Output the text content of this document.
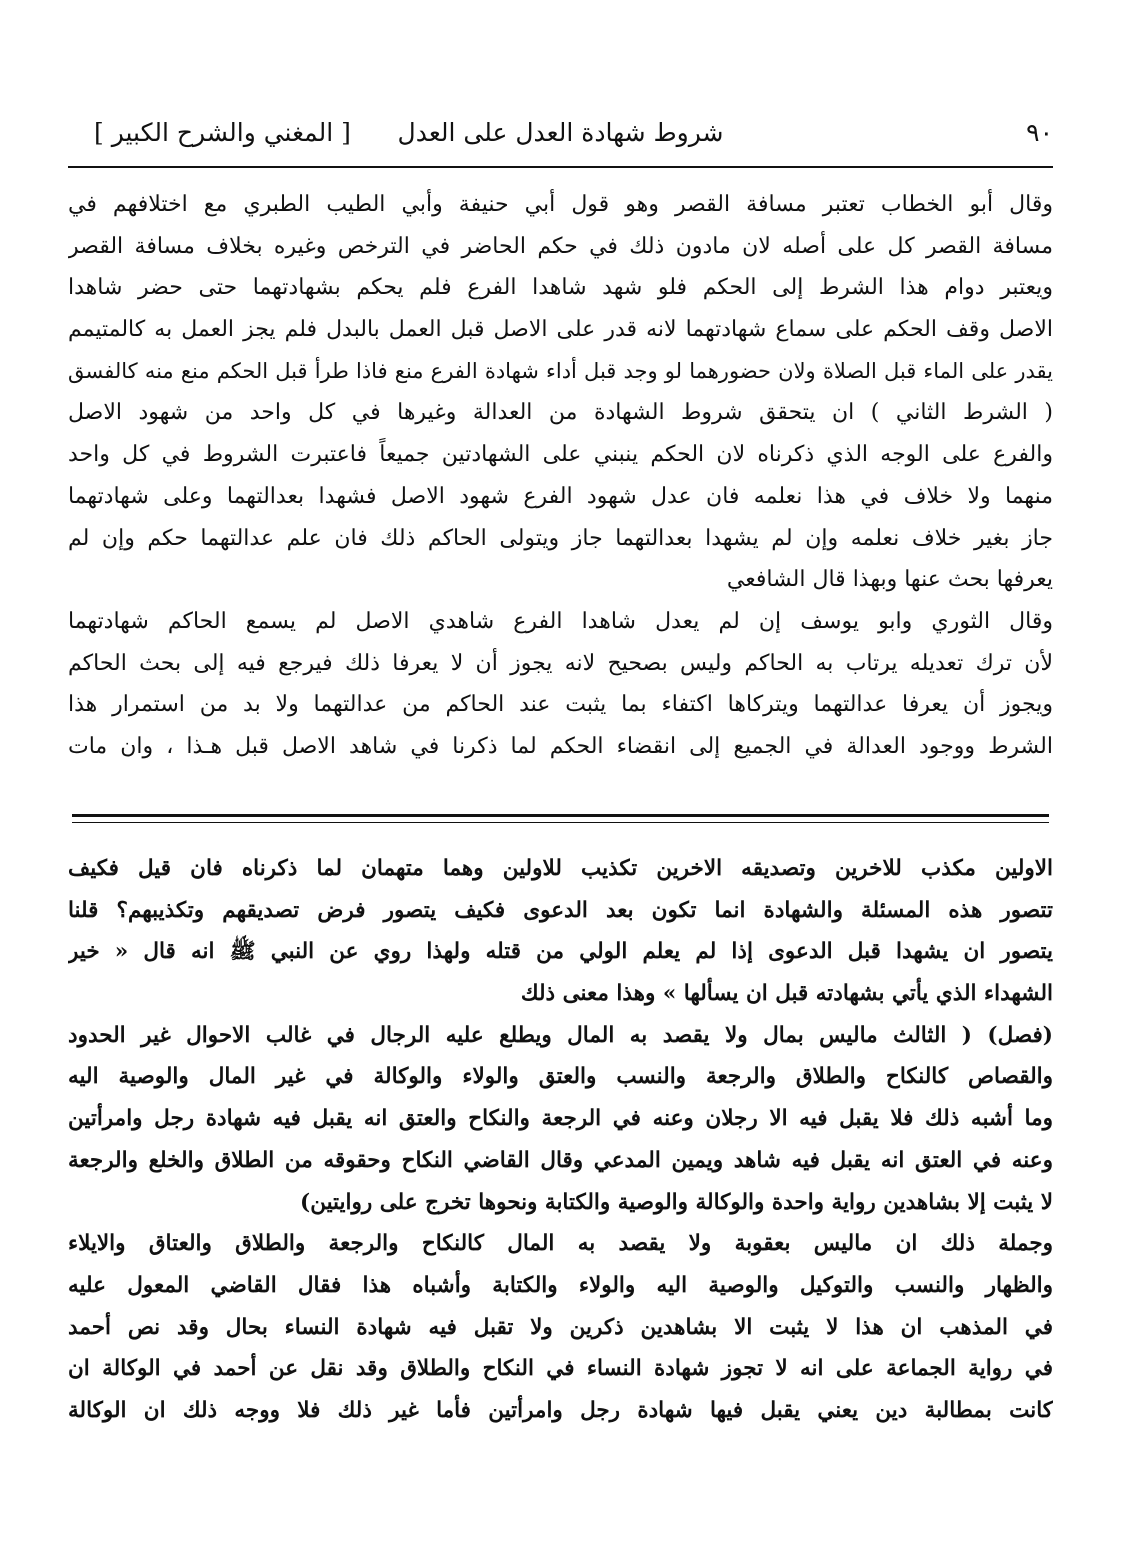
٩٠
شروط شهادة العدل على العدل
[ المغني والشرح الكبير ]
وقال أبو الخطاب تعتبر مسافة القصر وهو قول أبي حنيفة وأبي الطيب الطبري مع اختلافهم في
مسافة القصر كل على أصله لان مادون ذلك في حكم الحاضر في الترخص وغيره بخلاف مسافة القصر
ويعتبر دوام هذا الشرط إلى الحكم فلو شهد شاهدا الفرع فلم يحكم بشهادتهما حتى حضر شاهدا
الاصل وقف الحكم على سماع شهادتهما لانه قدر على الاصل قبل العمل بالبدل فلم يجز العمل به كالمتيمم
يقدر على الماء قبل الصلاة ولان حضورهما لو وجد قبل أداء شهادة الفرع منع فاذا طرأ قبل الحكم منع منه كالفسق
( الشرط الثاني ) ان يتحقق شروط الشهادة من العدالة وغيرها في كل واحد من شهود الاصل
والفرع على الوجه الذي ذكرناه لان الحكم ينبني على الشهادتين جميعاً فاعتبرت الشروط في كل واحد
منهما ولا خلاف في هذا نعلمه فان عدل شهود الفرع شهود الاصل فشهدا بعدالتهما وعلى شهادتهما
جاز بغير خلاف نعلمه وإن لم يشهدا بعدالتهما جاز ويتولى الحاكم ذلك فان علم عدالتهما حكم وإن لم
يعرفها بحث عنها وبهذا قال الشافعي
وقال الثوري وابو يوسف إن لم يعدل شاهدا الفرع شاهدي الاصل لم يسمع الحاكم شهادتهما
لأن ترك تعديله يرتاب به الحاكم وليس بصحيح لانه يجوز أن لا يعرفا ذلك فيرجع فيه إلى بحث الحاكم
ويجوز أن يعرفا عدالتهما ويتركاها اكتفاء بما يثبت عند الحاكم من عدالتهما ولا بد من استمرار هذا
الشرط ووجود العدالة في الجميع إلى انقضاء الحكم لما ذكرنا في شاهد الاصل قبل هـذا ، وان مات
الاولين مكذب للاخرين وتصديقه الاخرين تكذيب للاولين وهما متهمان لما ذكرناه فان قيل فكيف
تتصور هذه المسئلة والشهادة انما تكون بعد الدعوى فكيف يتصور فرض تصديقهم وتكذيبهم؟ قلنا
يتصور ان يشهدا قبل الدعوى إذا لم يعلم الولي من قتله ولهذا روي عن النبي ﷺ انه قال « خير
الشهداء الذي يأتي بشهادته قبل ان يسألها » وهذا معنى ذلك
(فصل) ( الثالث ماليس بمال ولا يقصد به المال ويطلع عليه الرجال في غالب الاحوال غير الحدود
والقصاص كالنكاح والطلاق والرجعة والنسب والعتق والولاء والوكالة في غير المال والوصية اليه
وما أشبه ذلك فلا يقبل فيه الا رجلان وعنه في الرجعة والنكاح والعتق انه يقبل فيه شهادة رجل وامرأتين
وعنه في العتق انه يقبل فيه شاهد ويمين المدعي وقال القاضي النكاح وحقوقه من الطلاق والخلع والرجعة
لا يثبت إلا بشاهدين رواية واحدة والوكالة والوصية والكتابة ونحوها تخرج على روايتين)
وجملة ذلك ان ماليس بعقوبة ولا يقصد به المال كالنكاح والرجعة والطلاق والعتاق والايلاء
والظهار والنسب والتوكيل والوصية اليه والولاء والكتابة وأشباه هذا فقال القاضي المعول عليه
في المذهب ان هذا لا يثبت الا بشاهدين ذكرين ولا تقبل فيه شهادة النساء بحال وقد نص أحمد
في رواية الجماعة على انه لا تجوز شهادة النساء في النكاح والطلاق وقد نقل عن أحمد في الوكالة ان
كانت بمطالبة دين يعني يقبل فيها شهادة رجل وامرأتين فأما غير ذلك فلا ووجه ذلك ان الوكالة
